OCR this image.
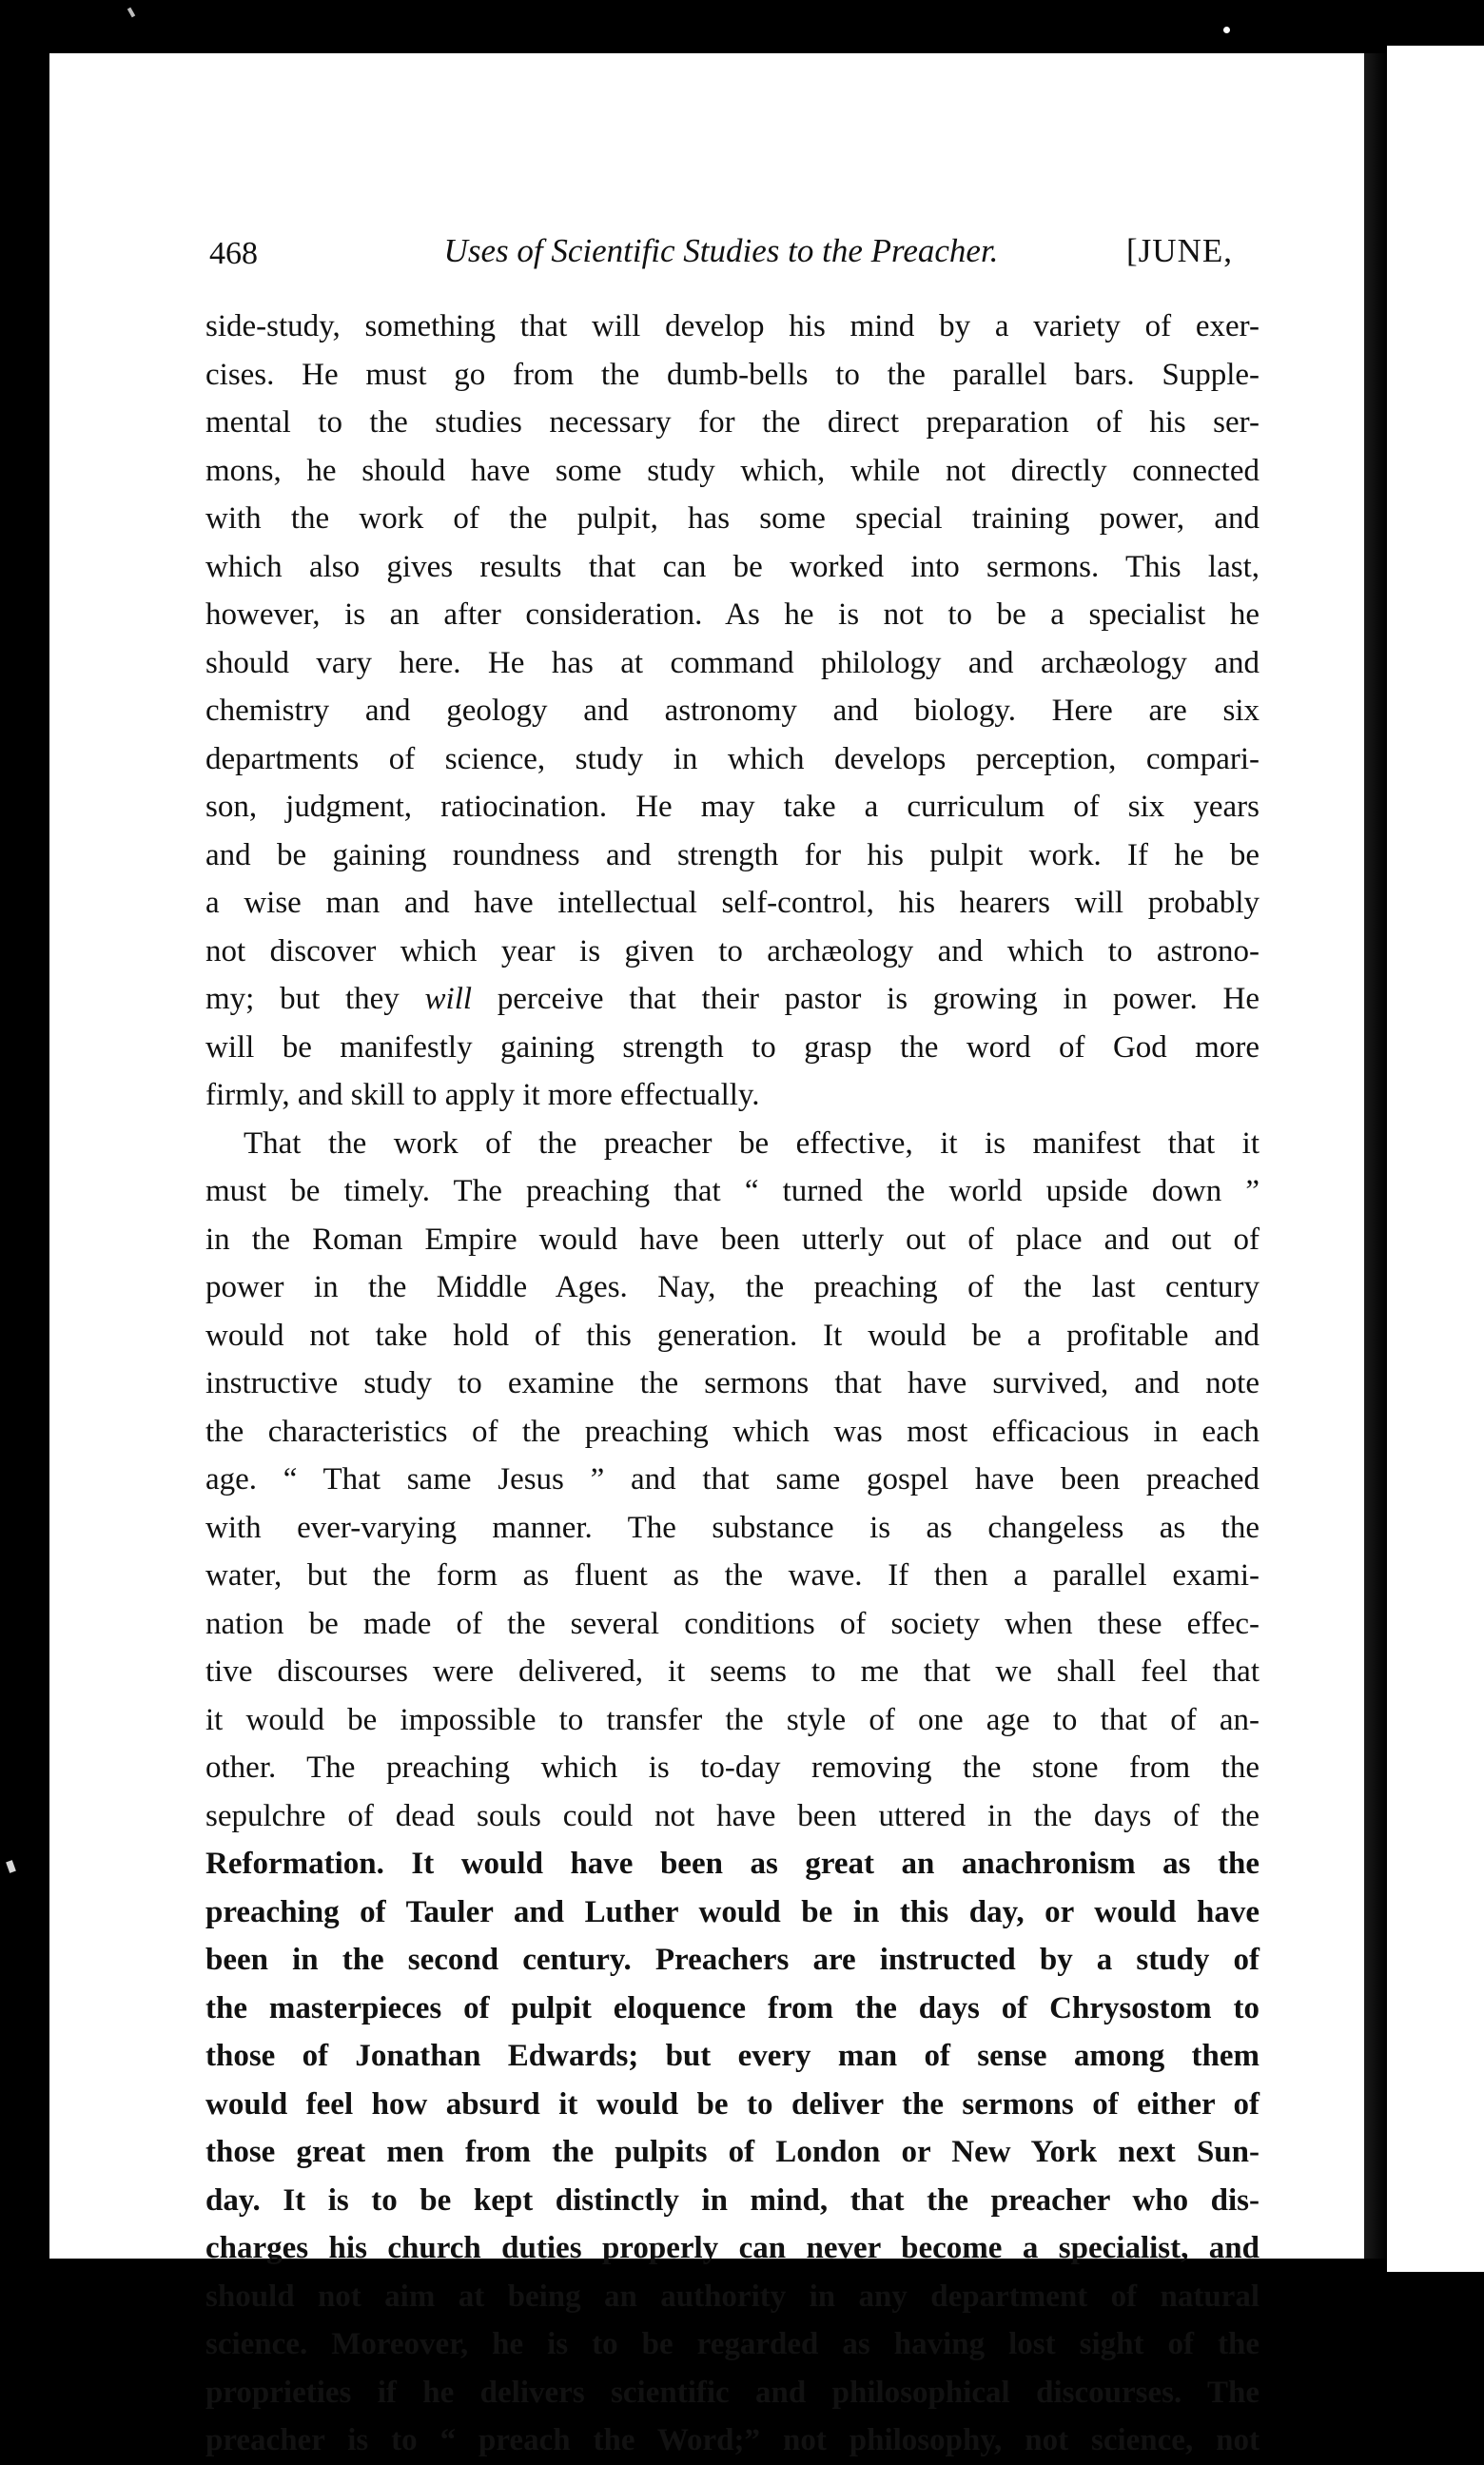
468	Uses of Scientific Studies to the Preacher.	[JUNE,
side-study, something that will develop his mind by a variety of exer-
cises. He must go from the dumb-bells to the parallel bars. Supple-
mental to the studies necessary for the direct preparation of his ser-
mons, he should have some study which, while not directly connected
with the work of the pulpit, has some special training power, and
which also gives results that can be worked into sermons. This last,
however, is an after consideration. As he is not to be a specialist he
should vary here. He has at command philology and archæology and
chemistry and geology and astronomy and biology. Here are six
departments of science, study in which develops perception, compari-
son, judgment, ratiocination. He may take a curriculum of six years
and be gaining roundness and strength for his pulpit work. If he be
a wise man and have intellectual self-control, his hearers will probably
not discover which year is given to archæology and which to astrono-
my; but they will perceive that their pastor is growing in power. He
will be manifestly gaining strength to grasp the word of God more
firmly, and skill to apply it more effectually.
That the work of the preacher be effective, it is manifest that it
must be timely. The preaching that “ turned the world upside down ”
in the Roman Empire would have been utterly out of place and out of
power in the Middle Ages. Nay, the preaching of the last century
would not take hold of this generation. It would be a profitable and
instructive study to examine the sermons that have survived, and note
the characteristics of the preaching which was most efficacious in each
age. “ That same Jesus ” and that same gospel have been preached
with ever-varying manner. The substance is as changeless as the
water, but the form as fluent as the wave. If then a parallel exami-
nation be made of the several conditions of society when these effec-
tive discourses were delivered, it seems to me that we shall feel that
it would be impossible to transfer the style of one age to that of an-
other. The preaching which is to-day removing the stone from the
sepulchre of dead souls could not have been uttered in the days of the
Reformation. It would have been as great an anachronism as the
preaching of Tauler and Luther would be in this day, or would have
been in the second century. Preachers are instructed by a study of
the masterpieces of pulpit eloquence from the days of Chrysostom to
those of Jonathan Edwards; but every man of sense among them
would feel how absurd it would be to deliver the sermons of either of
those great men from the pulpits of London or New York next Sun-
day. It is to be kept distinctly in mind, that the preacher who dis-
charges his church duties properly can never become a specialist, and
should not aim at being an authority in any department of natural
science. Moreover, he is to be regarded as having lost sight of the
proprieties if he delivers scientific and philosophical discourses. The
preacher is to “ preach the Word;” not philosophy, not science, not
